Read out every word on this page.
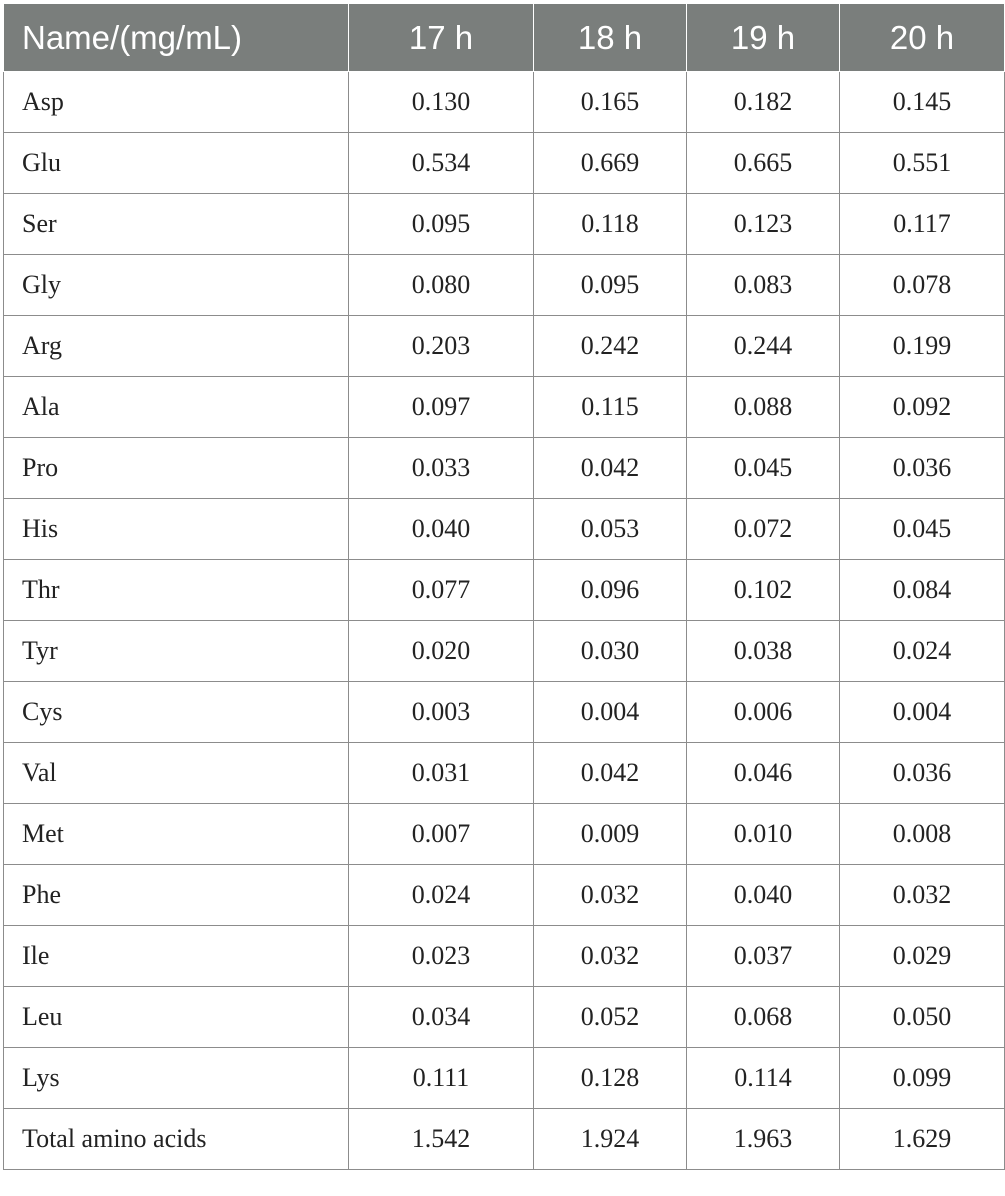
Name/(mg/mL)	17 h	18 h	19 h	20 h
Asp	0.130	0.165	0.182	0.145
Glu	0.534	0.669	0.665	0.551
Ser	0.095	0.118	0.123	0.117
Gly	0.080	0.095	0.083	0.078
Arg	0.203	0.242	0.244	0.199
Ala	0.097	0.115	0.088	0.092
Pro	0.033	0.042	0.045	0.036
His	0.040	0.053	0.072	0.045
Thr	0.077	0.096	0.102	0.084
Tyr	0.020	0.030	0.038	0.024
Cys	0.003	0.004	0.006	0.004
Val	0.031	0.042	0.046	0.036
Met	0.007	0.009	0.010	0.008
Phe	0.024	0.032	0.040	0.032
Ile	0.023	0.032	0.037	0.029
Leu	0.034	0.052	0.068	0.050
Lys	0.111	0.128	0.114	0.099
Total amino acids	1.542	1.924	1.963	1.629
